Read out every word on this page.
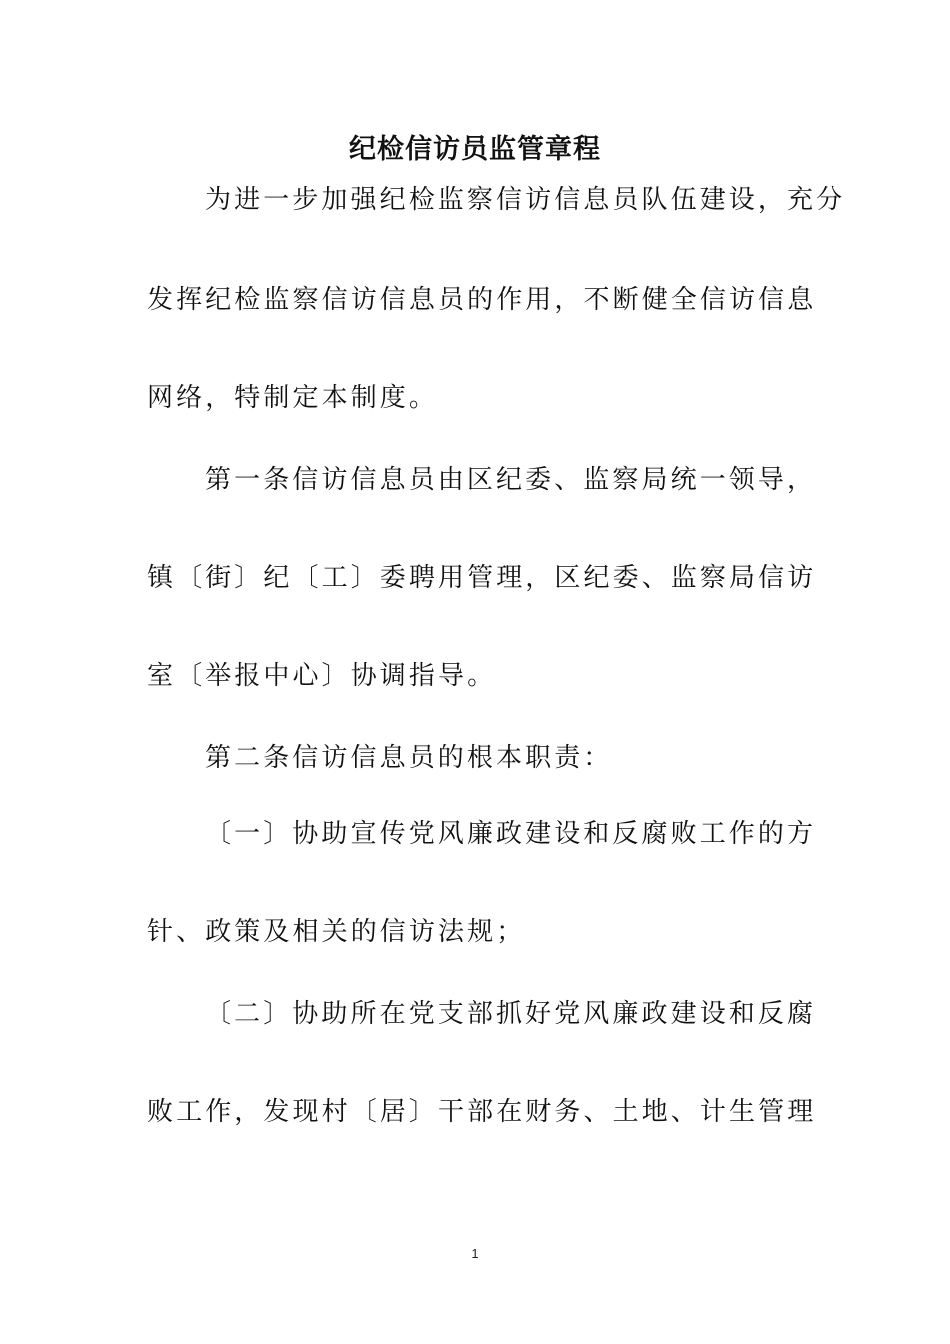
纪检信访员监管章程
为进一步加强纪检监察信访信息员队伍建设，充分
发挥纪检监察信访信息员的作用，不断健全信访信息
网络，特制定本制度。
第一条信访信息员由区纪委、监察局统一领导，
镇〔街〕纪〔工〕委聘用管理，区纪委、监察局信访
室〔举报中心〕协调指导。
第二条信访信息员的根本职责：
〔一〕协助宣传党风廉政建设和反腐败工作的方
针、政策及相关的信访法规；
〔二〕协助所在党支部抓好党风廉政建设和反腐
败工作，发现村〔居〕干部在财务、土地、计生管理
1
